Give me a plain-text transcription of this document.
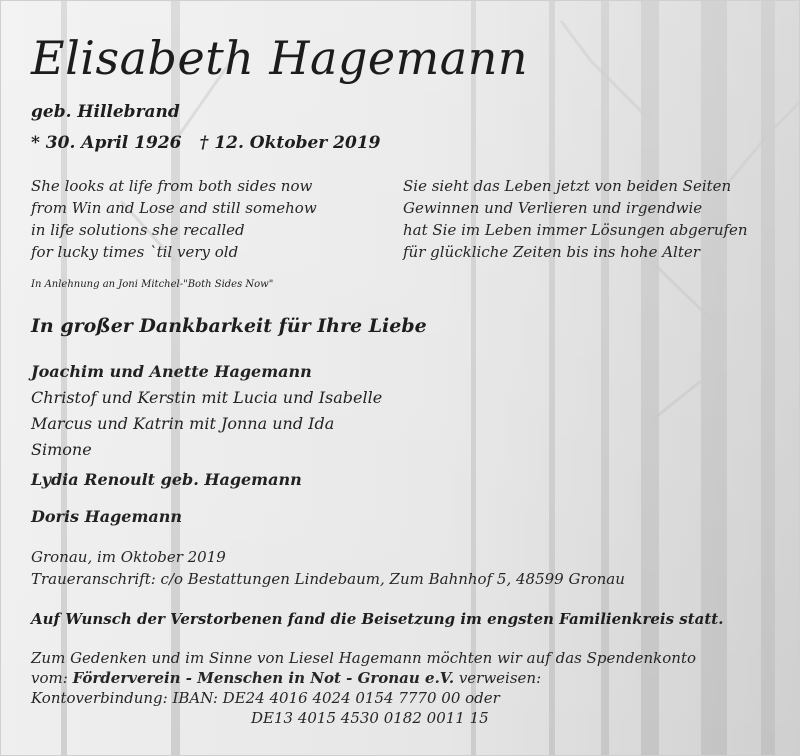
Elisabeth Hagemann
geb. Hillebrand
* 30. April 1926 † 12. Oktober 2019
She looks at life from both sides now
from Win and Lose and still somehow
in life solutions she recalled
for lucky times `til very old
Sie sieht das Leben jetzt von beiden Seiten
Gewinnen und Verlieren und irgendwie
hat Sie im Leben immer Lösungen abgerufen
für glückliche Zeiten bis ins hohe Alter
In Anlehnung an Joni Mitchel-"Both Sides Now"
In großer Dankbarkeit für Ihre Liebe
Joachim und Anette Hagemann
Christof und Kerstin mit Lucia und Isabelle
Marcus und Katrin mit Jonna und Ida
Simone
Lydia Renoult geb. Hagemann
Doris Hagemann
Gronau, im Oktober 2019
Traueranschrift: c/o Bestattungen Lindebaum, Zum Bahnhof 5, 48599 Gronau
Auf Wunsch der Verstorbenen fand die Beisetzung im engsten Familienkreis statt.
Zum Gedenken und im Sinne von Liesel Hagemann möchten wir auf das Spendenkonto
vom: Förderverein - Menschen in Not - Gronau e.V. verweisen:
Kontoverbindung: IBAN: DE24 4016 4024 0154 7770 00 oder
DE13 4015 4530 0182 0011 15
